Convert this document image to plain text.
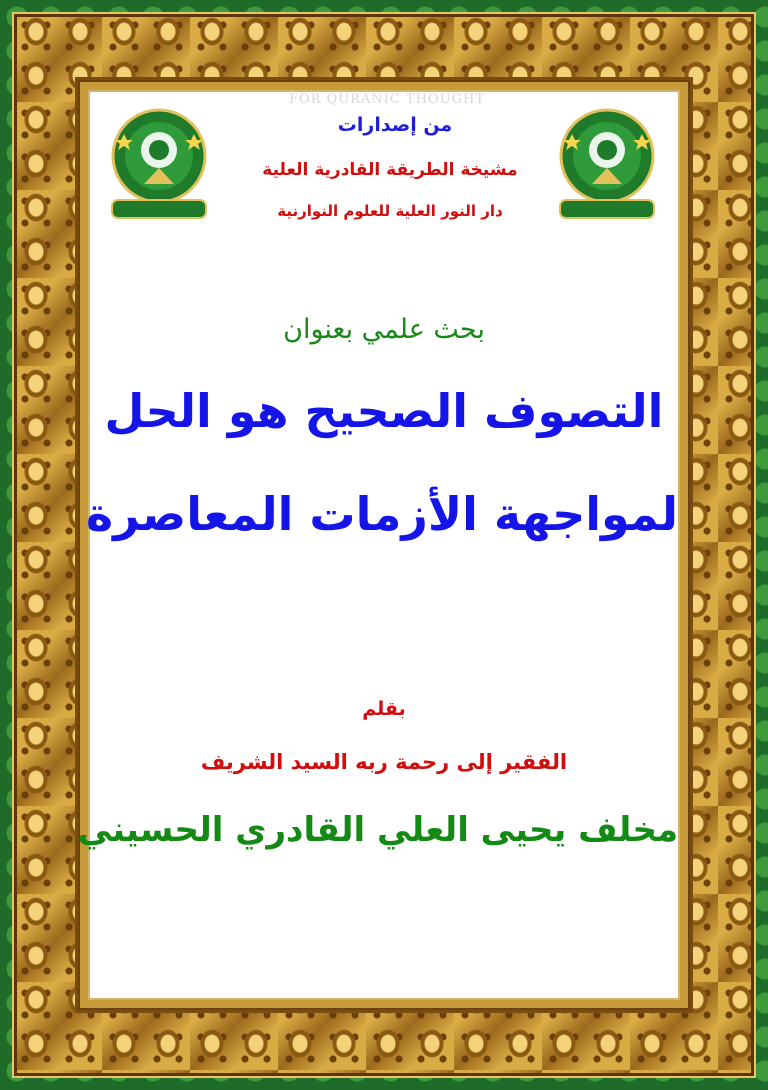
FOR QURANIC THOUGHT
من إصدارات
مشيخة الطريقة القادرية العلية
دار النور العلية للعلوم النوارنية
بحث علمي بعنوان
التصوف الصحيح هو الحل
لمواجهة الأزمات المعاصرة
بقلم
الفقير إلى رحمة ربه السيد الشريف
مخلف يحيى العلي القادري الحسيني
